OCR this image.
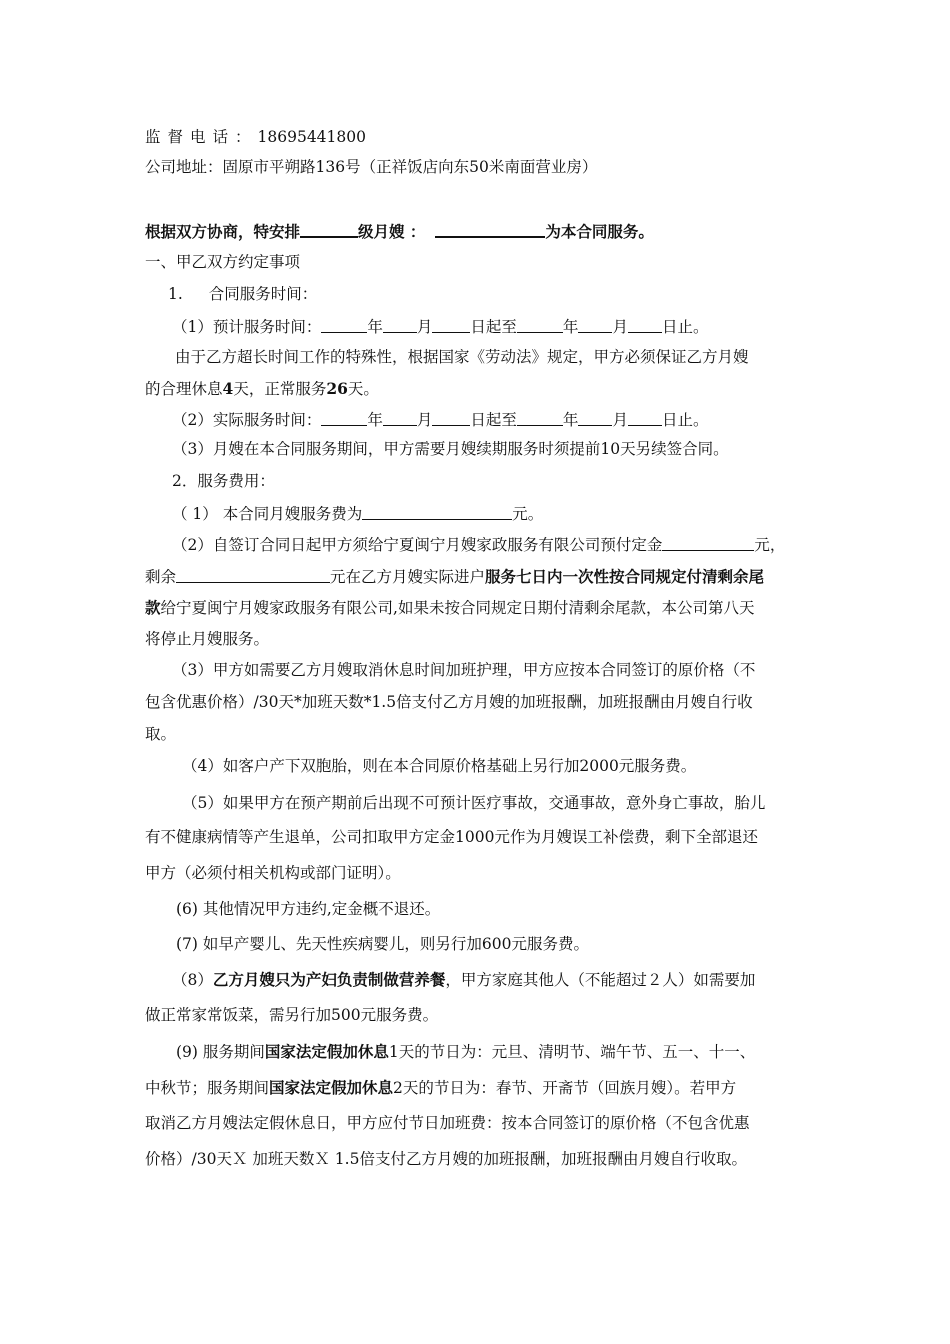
监督电话：18695441800
公司地址：固原市平朔路136号（正祥饭店向东50米南面营业房）
根据双方协商，特安排	级月嫂 ：	为本合同服务。
一、甲乙双方约定事项
1. 合同服务时间：
（1）预计服务时间：	年 月 日起至	年 月 日止。
由于乙方超长时间工作的特殊性，根据国家《劳动法》规定，甲方必须保证乙方月嫂
的合理休息4天，正常服务26天。
（2）实际服务时间：	年 月 日起至	年 月 日止。
（3）月嫂在本合同服务期间，甲方需要月嫂续期服务时须提前10天另续签合同。
2．服务费用：
（ 1） 本合同月嫂服务费为	元。
（2）自签订合同日起甲方须给宁夏闽宁月嫂家政服务有限公司预付定金	元，
剩余	元在乙方月嫂实际进户服务七日内一次性按合同规定付清剩余尾
款给宁夏闽宁月嫂家政服务有限公司,如果未按合同规定日期付清剩余尾款，本公司第八天
将停止月嫂服务。
（3）甲方如需要乙方月嫂取消休息时间加班护理，甲方应按本合同签订的原价格（不
包含优惠价格）/30天*加班天数*1.5倍支付乙方月嫂的加班报酬，加班报酬由月嫂自行收
取。
（4）如客户产下双胞胎，则在本合同原价格基础上另行加2000元服务费。
（5）如果甲方在预产期前后出现不可预计医疗事故，交通事故，意外身亡事故，胎儿
有不健康病情等产生退单，公司扣取甲方定金1000元作为月嫂误工补偿费，剩下全部退还
甲方（必须付相关机构或部门证明）。
(6) 其他情况甲方违约,定金概不退还。
(7) 如早产婴儿、先天性疾病婴儿，则另行加600元服务费。
（8）乙方月嫂只为产妇负责制做营养餐，甲方家庭其他人（不能超过２人）如需要加
做正常家常饭菜，需另行加500元服务费。
(9) 服务期间国家法定假加休息1天的节日为：元旦、清明节、端午节、五一、十一、
中秋节；服务期间国家法定假加休息2天的节日为：春节、开斋节（回族月嫂）。若甲方
取消乙方月嫂法定假休息日，甲方应付节日加班费：按本合同签订的原价格（不包含优惠
价格）/30天Ｘ 加班天数Ｘ 1.5倍支付乙方月嫂的加班报酬，加班报酬由月嫂自行收取。
